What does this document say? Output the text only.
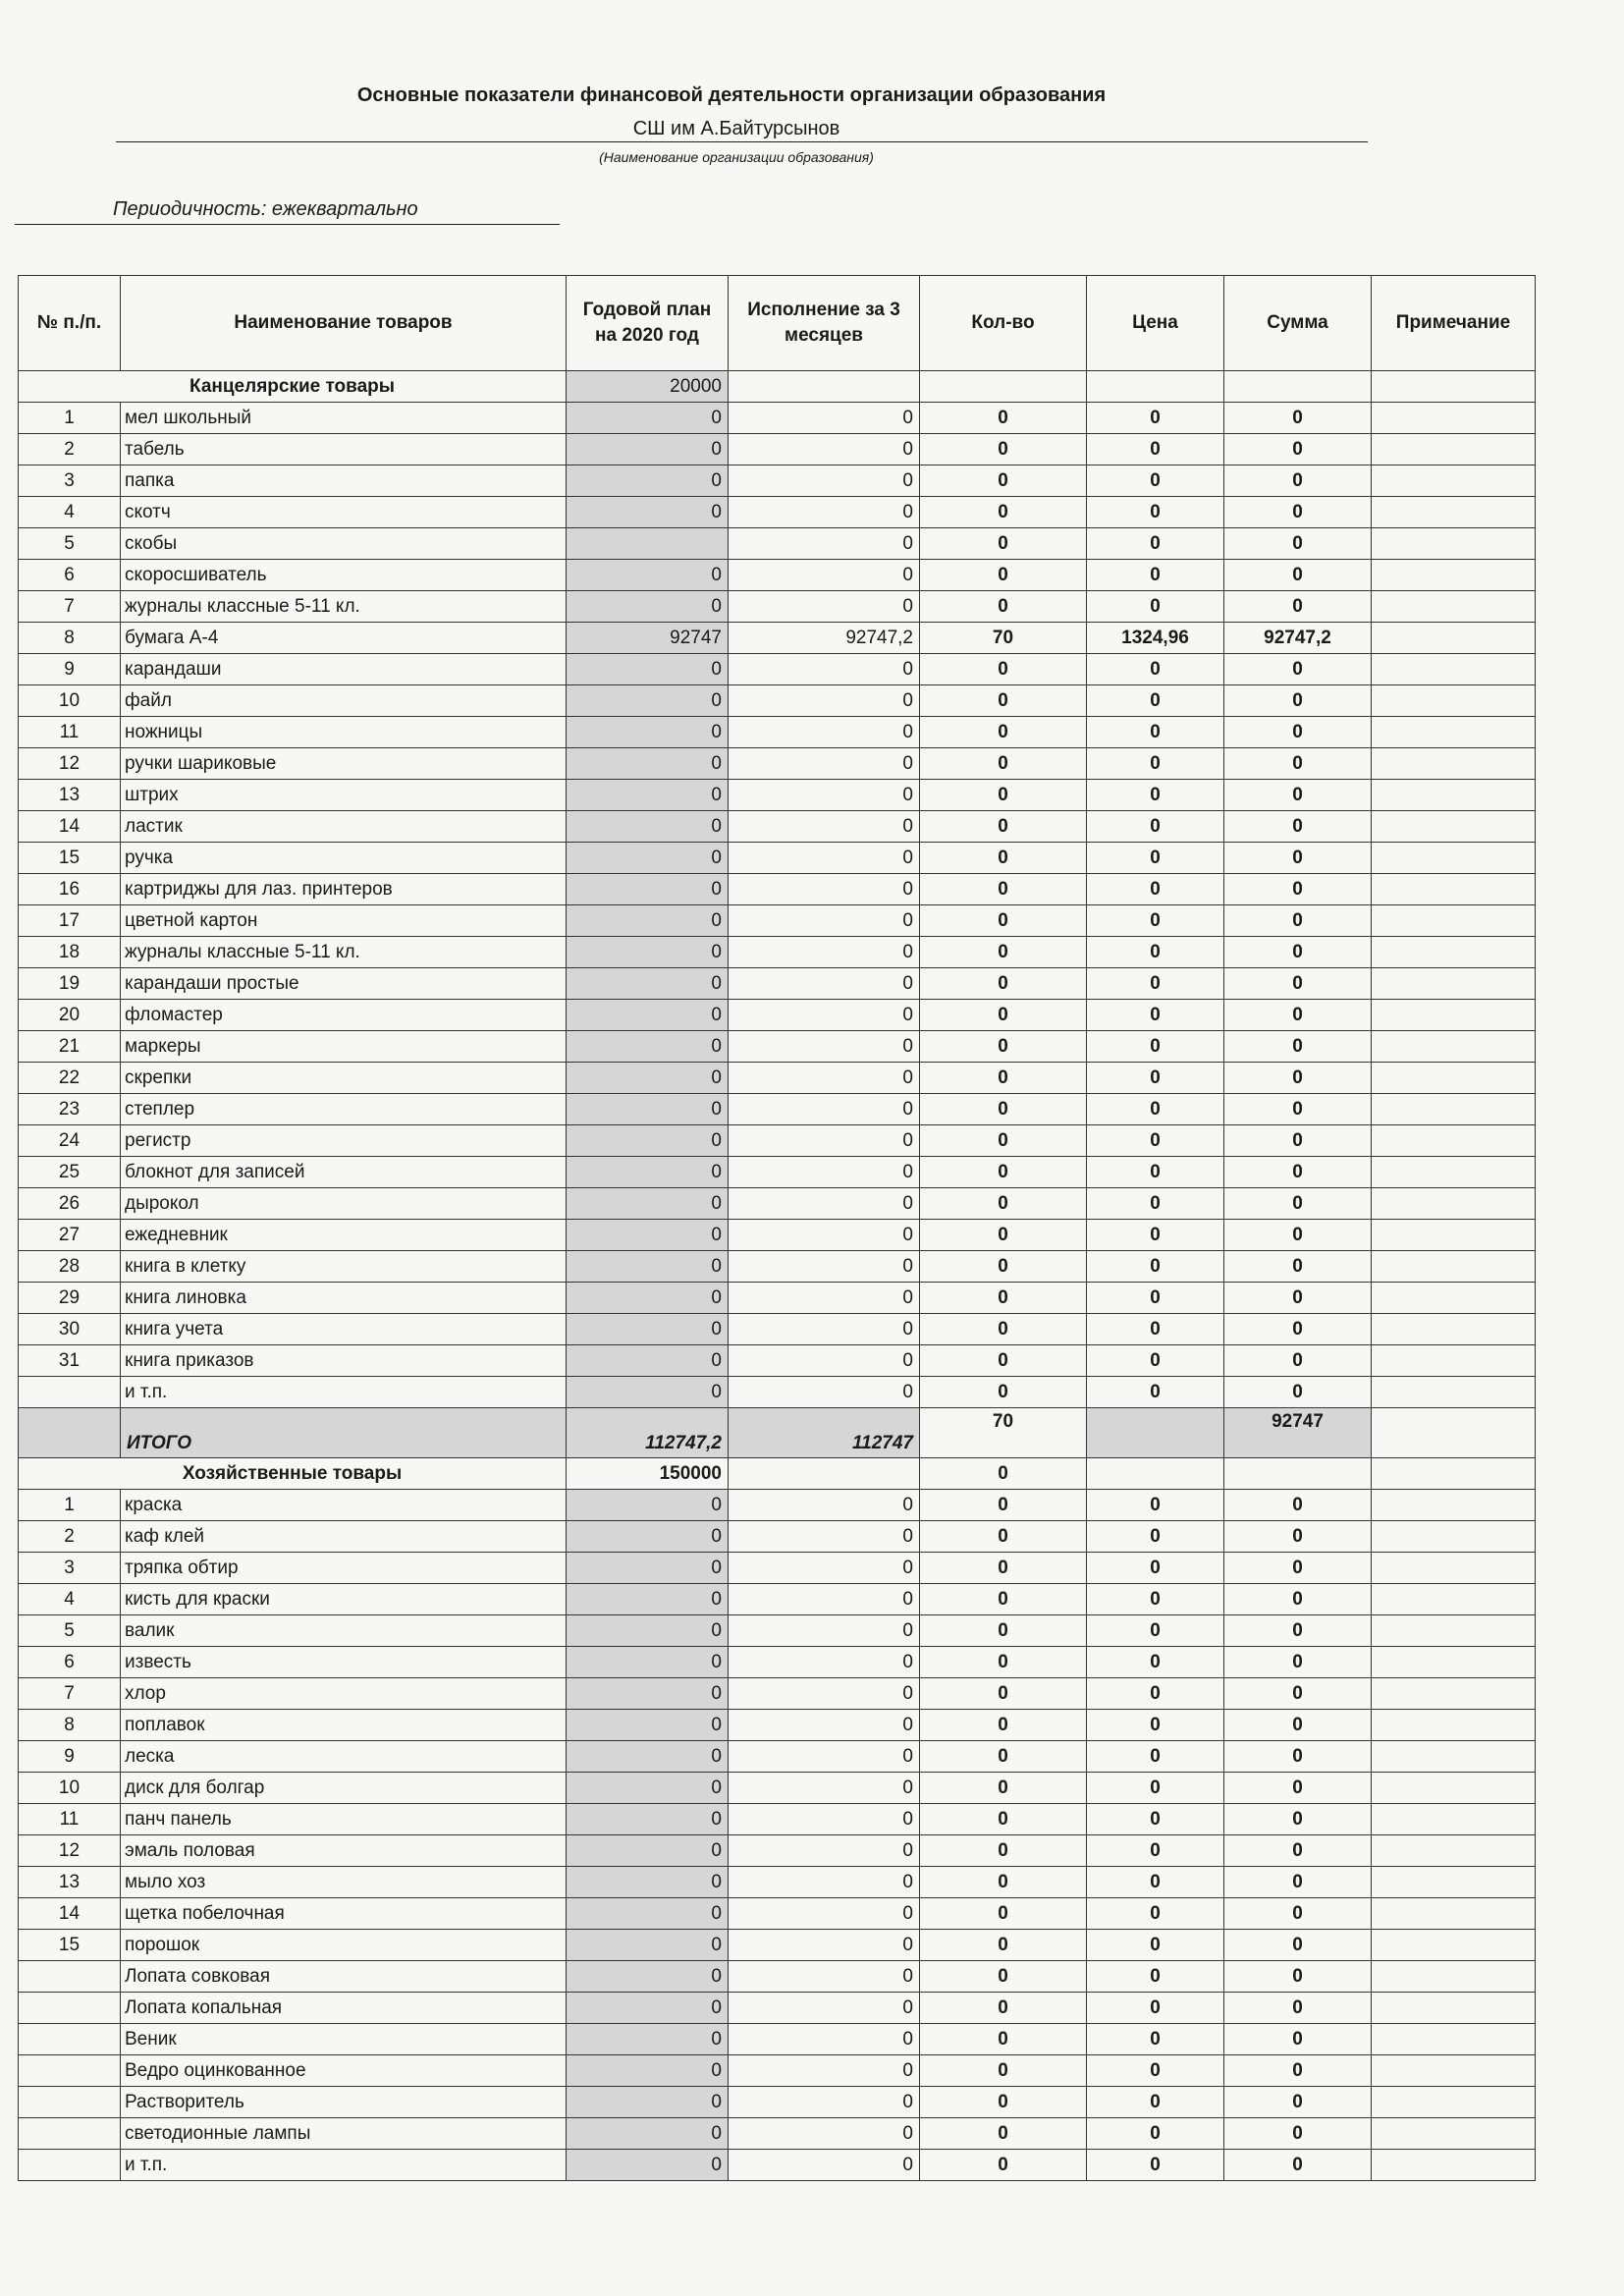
Основные показатели финансовой деятельности организации образования
СШ им А.Байтурсынов
(Наименование организации образования)
Периодичность: ежеквартально
№ п./п.	Наименование товаров	Годовой план на 2020 год	Исполнение за 3 месяцев	Кол-во	Цена	Сумма	Примечание
Канцелярские товары		20000					
1	мел школьный	0	0	0	0	0	
2	табель	0	0	0	0	0	
3	папка	0	0	0	0	0	
4	скотч	0	0	0	0	0	
5	скобы		0	0	0	0	
6	скоросшиватель	0	0	0	0	0	
7	журналы классные 5-11 кл.	0	0	0	0	0	
8	бумага А-4	92747	92747,2	70	1324,96	92747,2	
9	карандаши	0	0	0	0	0	
10	файл	0	0	0	0	0	
11	ножницы	0	0	0	0	0	
12	ручки шариковые	0	0	0	0	0	
13	штрих	0	0	0	0	0	
14	ластик	0	0	0	0	0	
15	ручка	0	0	0	0	0	
16	картриджы для лаз. принтеров	0	0	0	0	0	
17	цветной картон	0	0	0	0	0	
18	журналы классные 5-11 кл.	0	0	0	0	0	
19	карандаши простые	0	0	0	0	0	
20	фломастер	0	0	0	0	0	
21	маркеры	0	0	0	0	0	
22	скрепки	0	0	0	0	0	
23	степлер	0	0	0	0	0	
24	регистр	0	0	0	0	0	
25	блокнот для записей	0	0	0	0	0	
26	дырокол	0	0	0	0	0	
27	ежедневник	0	0	0	0	0	
28	книга в клетку	0	0	0	0	0	
29	книга линовка	0	0	0	0	0	
30	книга учета	0	0	0	0	0	
31	книга приказов	0	0	0	0	0	
	и т.п.	0	0	0	0	0	
	ИТОГО	112747,2	112747	70		92747	
Хозяйственные товары		150000		0			
1	краска	0	0	0	0	0	
2	каф клей	0	0	0	0	0	
3	тряпка обтир	0	0	0	0	0	
4	кисть для краски	0	0	0	0	0	
5	валик	0	0	0	0	0	
6	известь	0	0	0	0	0	
7	хлор	0	0	0	0	0	
8	поплавок	0	0	0	0	0	
9	леска	0	0	0	0	0	
10	диск для болгар	0	0	0	0	0	
11	панч панель	0	0	0	0	0	
12	эмаль половая	0	0	0	0	0	
13	мыло хоз	0	0	0	0	0	
14	щетка побелочная	0	0	0	0	0	
15	порошок	0	0	0	0	0	
	Лопата совковая	0	0	0	0	0	
	Лопата копальная	0	0	0	0	0	
	Веник	0	0	0	0	0	
	Ведро оцинкованное	0	0	0	0	0	
	Растворитель	0	0	0	0	0	
	светодионные лампы	0	0	0	0	0	
	и т.п.	0	0	0	0	0	
